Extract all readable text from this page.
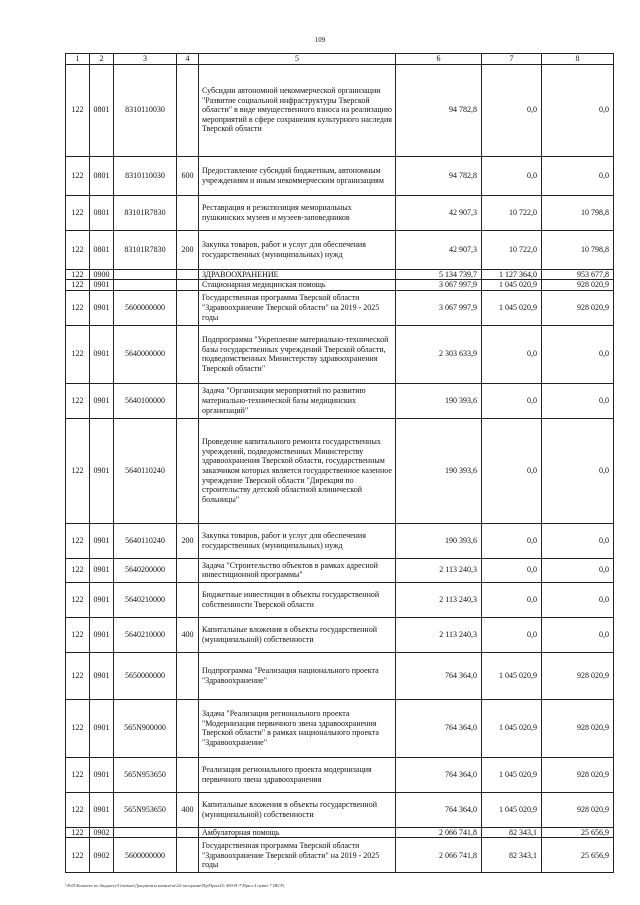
109
1	2	3	4	5	6	7	8
122	0801	8310110030		Субсидии автономной некоммерческой организации "Развитие социальной инфраструктуры Тверской области" в виде имущественного взноса на реализацию мероприятий в сфере сохранения культурного наследия Тверской области	94 782,8	0,0	0,0
122	0801	8310110030	600	Предоставление субсидий бюджетным, автономным учреждениям и иным некоммерческим организациям	94 782,8	0,0	0,0
122	0801	83101R7830		Реставрация и реэкспозиция мемориальных пушкинских музеев и музеев-заповедников	42 907,3	10 722,0	10 798,8
122	0801	83101R7830	200	Закупка товаров, работ и услуг для обеспечения государственных (муниципальных) нужд	42 907,3	10 722,0	10 798,8
122	0900			ЗДРАВООХРАНЕНИЕ	5 134 739,7	1 127 364,0	953 677,8
122	0901			Стационарная медицинская помощь	3 067 997,9	1 045 020,9	928 020,9
122	0901	5600000000		Государственная программа Тверской области "Здравоохранение Тверской области" на 2019 - 2025 годы	3 067 997,9	1 045 020,9	928 020,9
122	0901	5640000000		Подпрограмма "Укрепление материально-технической базы государственных учреждений Тверской области, подведомственных Министерству здравоохранения Тверской области"	2 303 633,9	0,0	0,0
122	0901	5640100000		Задача "Организация мероприятий по развитию материально-технической базы медицинских организаций"	190 393,6	0,0	0,0
122	0901	5640110240		Проведение капитального ремонта государственных учреждений, подведомственных Министерству здравоохранения Тверской области, государственным заказчиком которых является государственное казенное учреждение Тверской области "Дирекция по строительству детской областной клинической больницы"	190 393,6	0,0	0,0
122	0901	5640110240	200	Закупка товаров, работ и услуг для обеспечения государственных (муниципальных) нужд	190 393,6	0,0	0,0
122	0901	5640200000		Задача "Строительство объектов в рамках адресной инвестиционной программы"	2 113 240,3	0,0	0,0
122	0901	5640210000		Бюджетные инвестиции в объекты государственной собственности Тверской области	2 113 240,3	0,0	0,0
122	0901	5640210000	400	Капитальные вложения в объекты государственной (муниципальной) собственности	2 113 240,3	0,0	0,0
122	0901	5650000000		Подпрограмма "Реализация национального проекта "Здравоохранение"	764 364,0	1 045 020,9	928 020,9
122	0901	565N900000		Задача "Реализация регионального проекта "Модернизация первичного звена здравоохранения Тверской области" в рамках национального проекта "Здравоохранение"	764 364,0	1 045 020,9	928 020,9
122	0901	565N953650		Реализация регионального проекта модернизация первичного звена здравоохранения	764 364,0	1 045 020,9	928 020,9
122	0901	565N953650	400	Капитальные вложения в объекты государственной (муниципальной) собственности	764 364,0	1 045 020,9	928 020,9
122	0902			Амбулаторная помощь	2 066 741,8	82 343,1	25 656,9
122	0902	5600000000		Государственная программа Тверской области "Здравоохранение Тверской области" на 2019 - 2025 годы	2 066 741,8	82 343,1	25 656,9
\\PxD\Комитет по бюджету\Готовые\Документы комитета\24 заседание\Пр\Прил24\ 400-П-7\Прил 4 пункт 7 (ВСР)
